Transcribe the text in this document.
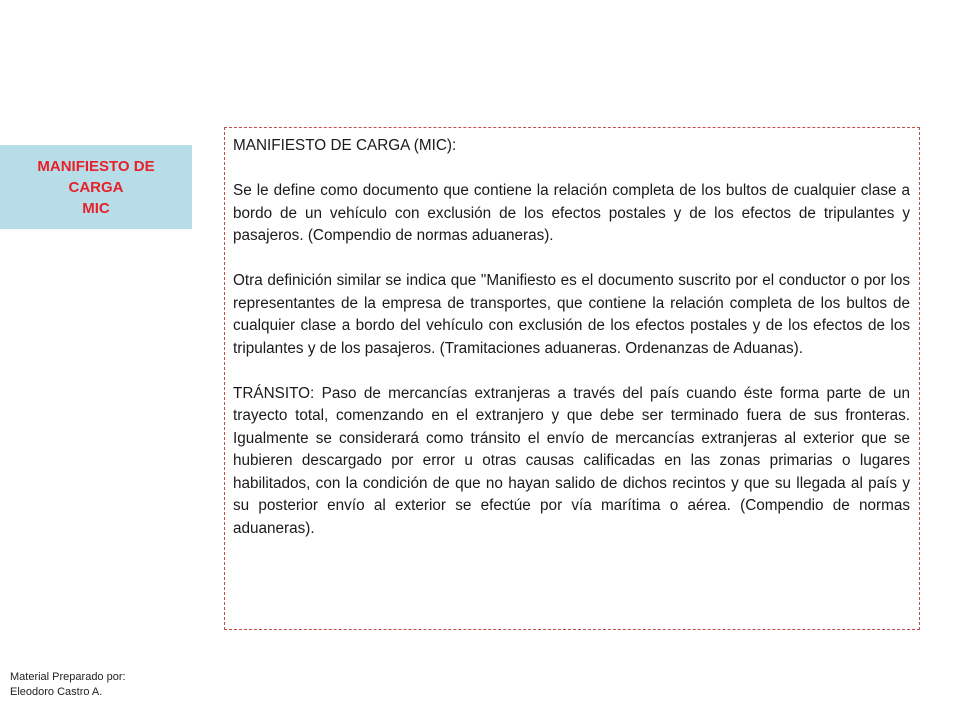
MANIFIESTO DE
CARGA
MIC

MANIFIESTO DE CARGA (MIC):

Se le define como documento que contiene la relación completa de los bultos de cualquier clase a bordo de un vehículo con exclusión de los efectos postales y de los efectos de tripulantes y pasajeros. (Compendio de normas aduaneras).

Otra definición similar se indica que "Manifiesto es el documento suscrito por el conductor o por los representantes de la empresa de transportes, que contiene la relación completa de los bultos de cualquier clase a bordo del vehículo con exclusión de los efectos postales y de los efectos de los tripulantes y de los pasajeros. (Tramitaciones aduaneras. Ordenanzas de Aduanas).

TRÁNSITO: Paso de mercancías extranjeras a través del país cuando éste forma parte de un trayecto total, comenzando en el extranjero y que debe ser terminado fuera de sus fronteras. Igualmente se considerará como tránsito el envío de mercancías extranjeras al exterior que se hubieren descargado por error u otras causas calificadas en las zonas primarias o lugares habilitados, con la condición de que no hayan salido de dichos recintos y que su llegada al país y su posterior envío al exterior se efectúe por vía marítima o aérea. (Compendio de normas aduaneras).

Material Preparado por:
Eleodoro Castro A.
